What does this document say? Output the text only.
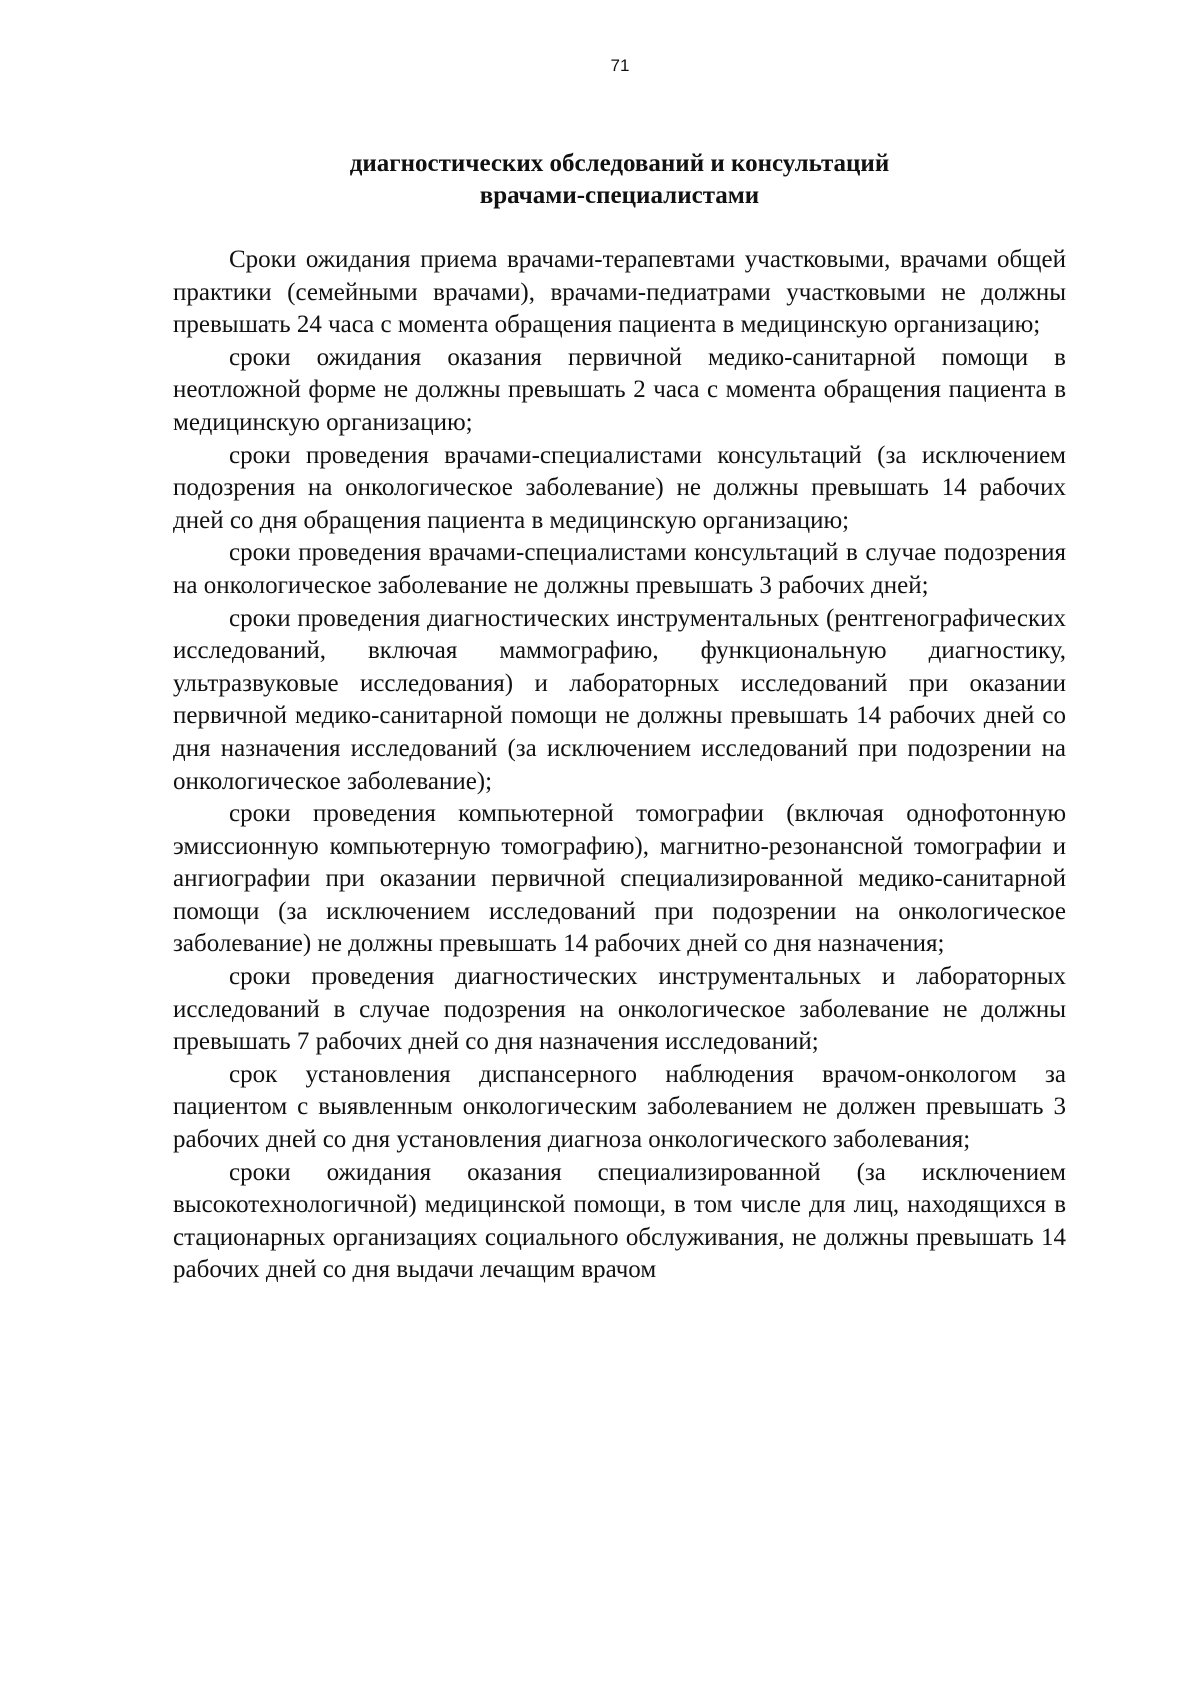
71
диагностических обследований и консультаций
врачами-специалистами

Сроки ожидания приема врачами-терапевтами участковыми, врачами общей практики (семейными врачами), врачами-педиатрами участковыми не должны превышать 24 часа с момента обращения пациента в медицинскую организацию;

сроки ожидания оказания первичной медико-санитарной помощи в неотложной форме не должны превышать 2 часа с момента обращения пациента в медицинскую организацию;

сроки проведения врачами-специалистами консультаций (за исключением подозрения на онкологическое заболевание) не должны превышать 14 рабочих дней со дня обращения пациента в медицинскую организацию;

сроки проведения врачами-специалистами консультаций в случае подозрения на онкологическое заболевание не должны превышать 3 рабочих дней;

сроки проведения диагностических инструментальных (рентгенографических исследований, включая маммографию, функциональную диагностику, ультразвуковые исследования) и лабораторных исследований при оказании первичной медико-санитарной помощи не должны превышать 14 рабочих дней со дня назначения исследований (за исключением исследований при подозрении на онкологическое заболевание);

сроки проведения компьютерной томографии (включая однофотонную эмиссионную компьютерную томографию), магнитно-резонансной томографии и ангиографии при оказании первичной специализированной медико-санитарной помощи (за исключением исследований при подозрении на онкологическое заболевание) не должны превышать 14 рабочих дней со дня назначения;

сроки проведения диагностических инструментальных и лабораторных исследований в случае подозрения на онкологическое заболевание не должны превышать 7 рабочих дней со дня назначения исследований;

срок установления диспансерного наблюдения врачом-онкологом за пациентом с выявленным онкологическим заболеванием не должен превышать 3 рабочих дней со дня установления диагноза онкологического заболевания;

сроки ожидания оказания специализированной (за исключением высокотехнологичной) медицинской помощи, в том числе для лиц, находящихся в стационарных организациях социального обслуживания, не должны превышать 14 рабочих дней со дня выдачи лечащим врачом
